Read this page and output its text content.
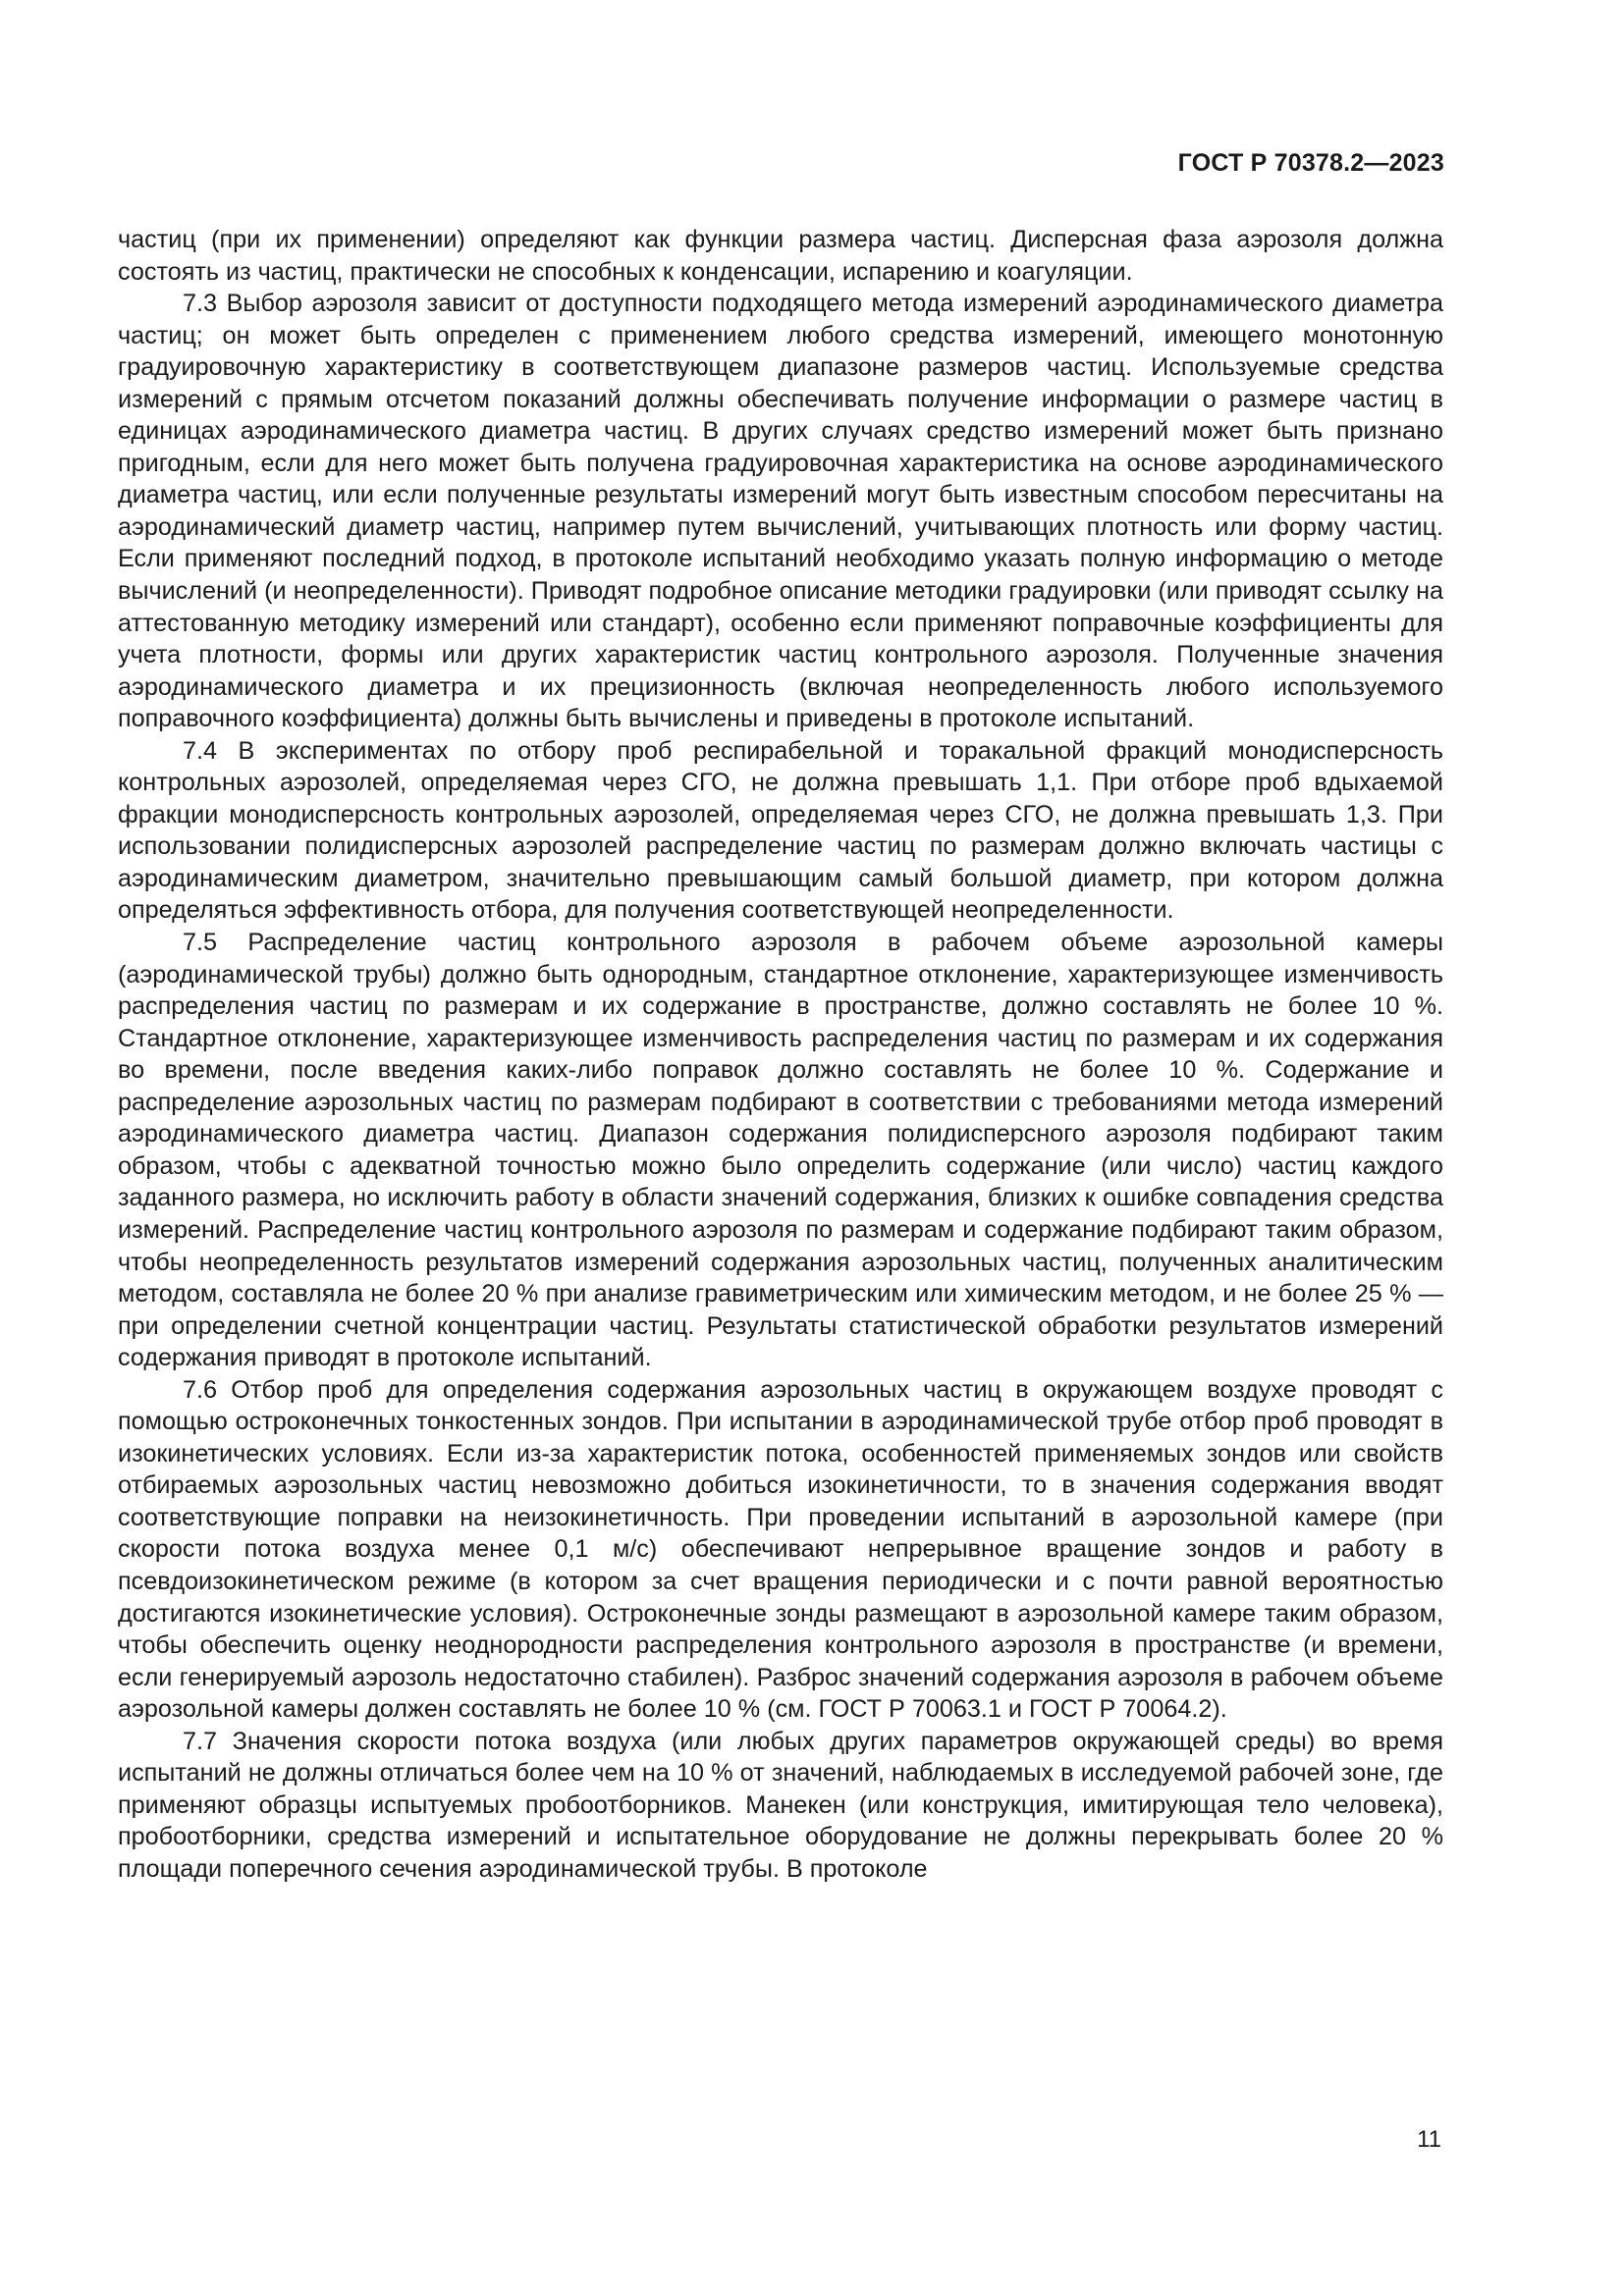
ГОСТ Р 70378.2—2023

частиц (при их применении) определяют как функции размера частиц. Дисперсная фаза аэрозоля должна состоять из частиц, практически не способных к конденсации, испарению и коагуляции.

7.3 Выбор аэрозоля зависит от доступности подходящего метода измерений аэродинамического диаметра частиц; он может быть определен с применением любого средства измерений, имеющего монотонную градуировочную характеристику в соответствующем диапазоне размеров частиц. Используемые средства измерений с прямым отсчетом показаний должны обеспечивать получение информации о размере частиц в единицах аэродинамического диаметра частиц. В других случаях средство измерений может быть признано пригодным, если для него может быть получена градуировочная характеристика на основе аэродинамического диаметра частиц, или если полученные результаты измерений могут быть известным способом пересчитаны на аэродинамический диаметр частиц, например путем вычислений, учитывающих плотность или форму частиц. Если применяют последний подход, в протоколе испытаний необходимо указать полную информацию о методе вычислений (и неопределенности). Приводят подробное описание методики градуировки (или приводят ссылку на аттестованную методику измерений или стандарт), особенно если применяют поправочные коэффициенты для учета плотности, формы или других характеристик частиц контрольного аэрозоля. Полученные значения аэродинамического диаметра и их прецизионность (включая неопределенность любого используемого поправочного коэффициента) должны быть вычислены и приведены в протоколе испытаний.

7.4 В экспериментах по отбору проб респирабельной и торакальной фракций монодисперсность контрольных аэрозолей, определяемая через СГО, не должна превышать 1,1. При отборе проб вдыхаемой фракции монодисперсность контрольных аэрозолей, определяемая через СГО, не должна превышать 1,3. При использовании полидисперсных аэрозолей распределение частиц по размерам должно включать частицы с аэродинамическим диаметром, значительно превышающим самый большой диаметр, при котором должна определяться эффективность отбора, для получения соответствующей неопределенности.

7.5 Распределение частиц контрольного аэрозоля в рабочем объеме аэрозольной камеры (аэродинамической трубы) должно быть однородным, стандартное отклонение, характеризующее изменчивость распределения частиц по размерам и их содержание в пространстве, должно составлять не более 10 %. Стандартное отклонение, характеризующее изменчивость распределения частиц по размерам и их содержания во времени, после введения каких-либо поправок должно составлять не более 10 %. Содержание и распределение аэрозольных частиц по размерам подбирают в соответствии с требованиями метода измерений аэродинамического диаметра частиц. Диапазон содержания полидисперсного аэрозоля подбирают таким образом, чтобы с адекватной точностью можно было определить содержание (или число) частиц каждого заданного размера, но исключить работу в области значений содержания, близких к ошибке совпадения средства измерений. Распределение частиц контрольного аэрозоля по размерам и содержание подбирают таким образом, чтобы неопределенность результатов измерений содержания аэрозольных частиц, полученных аналитическим методом, составляла не более 20 % при анализе гравиметрическим или химическим методом, и не более 25 % — при определении счетной концентрации частиц. Результаты статистической обработки результатов измерений содержания приводят в протоколе испытаний.

7.6 Отбор проб для определения содержания аэрозольных частиц в окружающем воздухе проводят с помощью остроконечных тонкостенных зондов. При испытании в аэродинамической трубе отбор проб проводят в изокинетических условиях. Если из-за характеристик потока, особенностей применяемых зондов или свойств отбираемых аэрозольных частиц невозможно добиться изокинетичности, то в значения содержания вводят соответствующие поправки на неизокинетичность. При проведении испытаний в аэрозольной камере (при скорости потока воздуха менее 0,1 м/с) обеспечивают непрерывное вращение зондов и работу в псевдоизокинетическом режиме (в котором за счет вращения периодически и с почти равной вероятностью достигаются изокинетические условия). Остроконечные зонды размещают в аэрозольной камере таким образом, чтобы обеспечить оценку неоднородности распределения контрольного аэрозоля в пространстве (и времени, если генерируемый аэрозоль недостаточно стабилен). Разброс значений содержания аэрозоля в рабочем объеме аэрозольной камеры должен составлять не более 10 % (см. ГОСТ Р 70063.1 и ГОСТ Р 70064.2).

7.7 Значения скорости потока воздуха (или любых других параметров окружающей среды) во время испытаний не должны отличаться более чем на 10 % от значений, наблюдаемых в исследуемой рабочей зоне, где применяют образцы испытуемых пробоотборников. Манекен (или конструкция, имитирующая тело человека), пробоотборники, средства измерений и испытательное оборудование не должны перекрывать более 20 % площади поперечного сечения аэродинамической трубы. В протоколе

11
